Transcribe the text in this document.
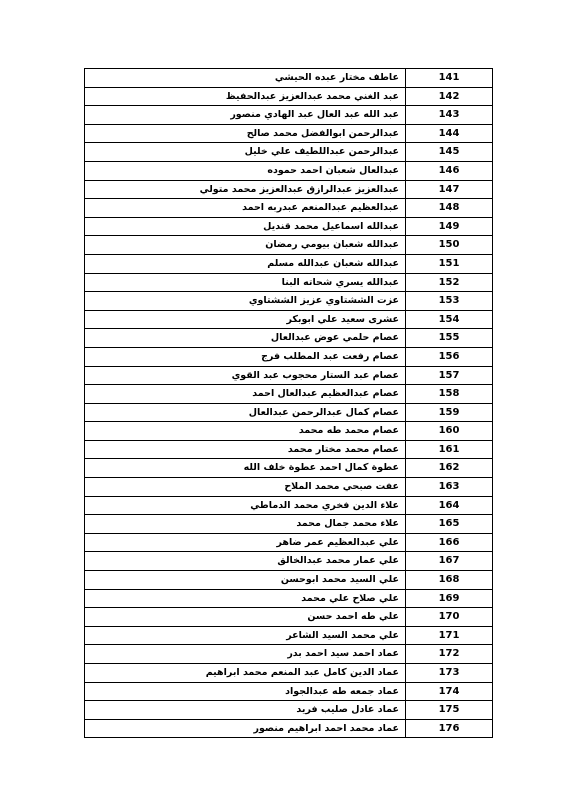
عاطف مختار عبده الحيشي	141
عبد الغني محمد عبدالعزيز عبدالحفيظ	142
عبد الله عبد العال عبد الهادي منصور	143
عبدالرحمن ابوالفضل محمد صالح	144
عبدالرحمن عبداللطيف علي خليل	145
عبدالعال شعبان احمد حموده	146
عبدالعزيز عبدالرازق عبدالعزيز محمد متولي	147
عبدالعظيم عبدالمنعم عبدربه احمد	148
عبدالله اسماعيل محمد قنديل	149
عبدالله شعبان بيومي رمضان	150
عبدالله شعبان عبدالله مسلم	151
عبدالله يسري شحاته البنا	152
عزت الششتاوي عزيز الششتاوي	153
عشرى سعيد علي ابوبكر	154
عصام حلمي عوض عبدالعال	155
عصام رفعت عبد المطلب فرج	156
عصام عبد الستار محجوب عبد القوي	157
عصام عبدالعظيم عبدالعال احمد	158
عصام كمال عبدالرحمن عبدالعال	159
عصام محمد طه محمد	160
عصام محمد مختار محمد	161
عطوة كمال احمد عطوة خلف الله	162
عفت صبحي محمد الملاح	163
علاء الدين فخري محمد الدماطي	164
علاء محمد جمال محمد	165
علي عبدالعظيم عمر ضاهر	166
علي عمار محمد عبدالخالق	167
علي السيد محمد ابوحسن	168
علي صلاح علي محمد	169
علي طه احمد حسن	170
علي محمد السيد الشاعر	171
عماد احمد سيد احمد بدر	172
عماد الدين كامل عبد المنعم محمد ابراهيم	173
عماد جمعه طه عبدالجواد	174
عماد عادل صليب فريد	175
عماد محمد احمد ابراهيم منصور	176
